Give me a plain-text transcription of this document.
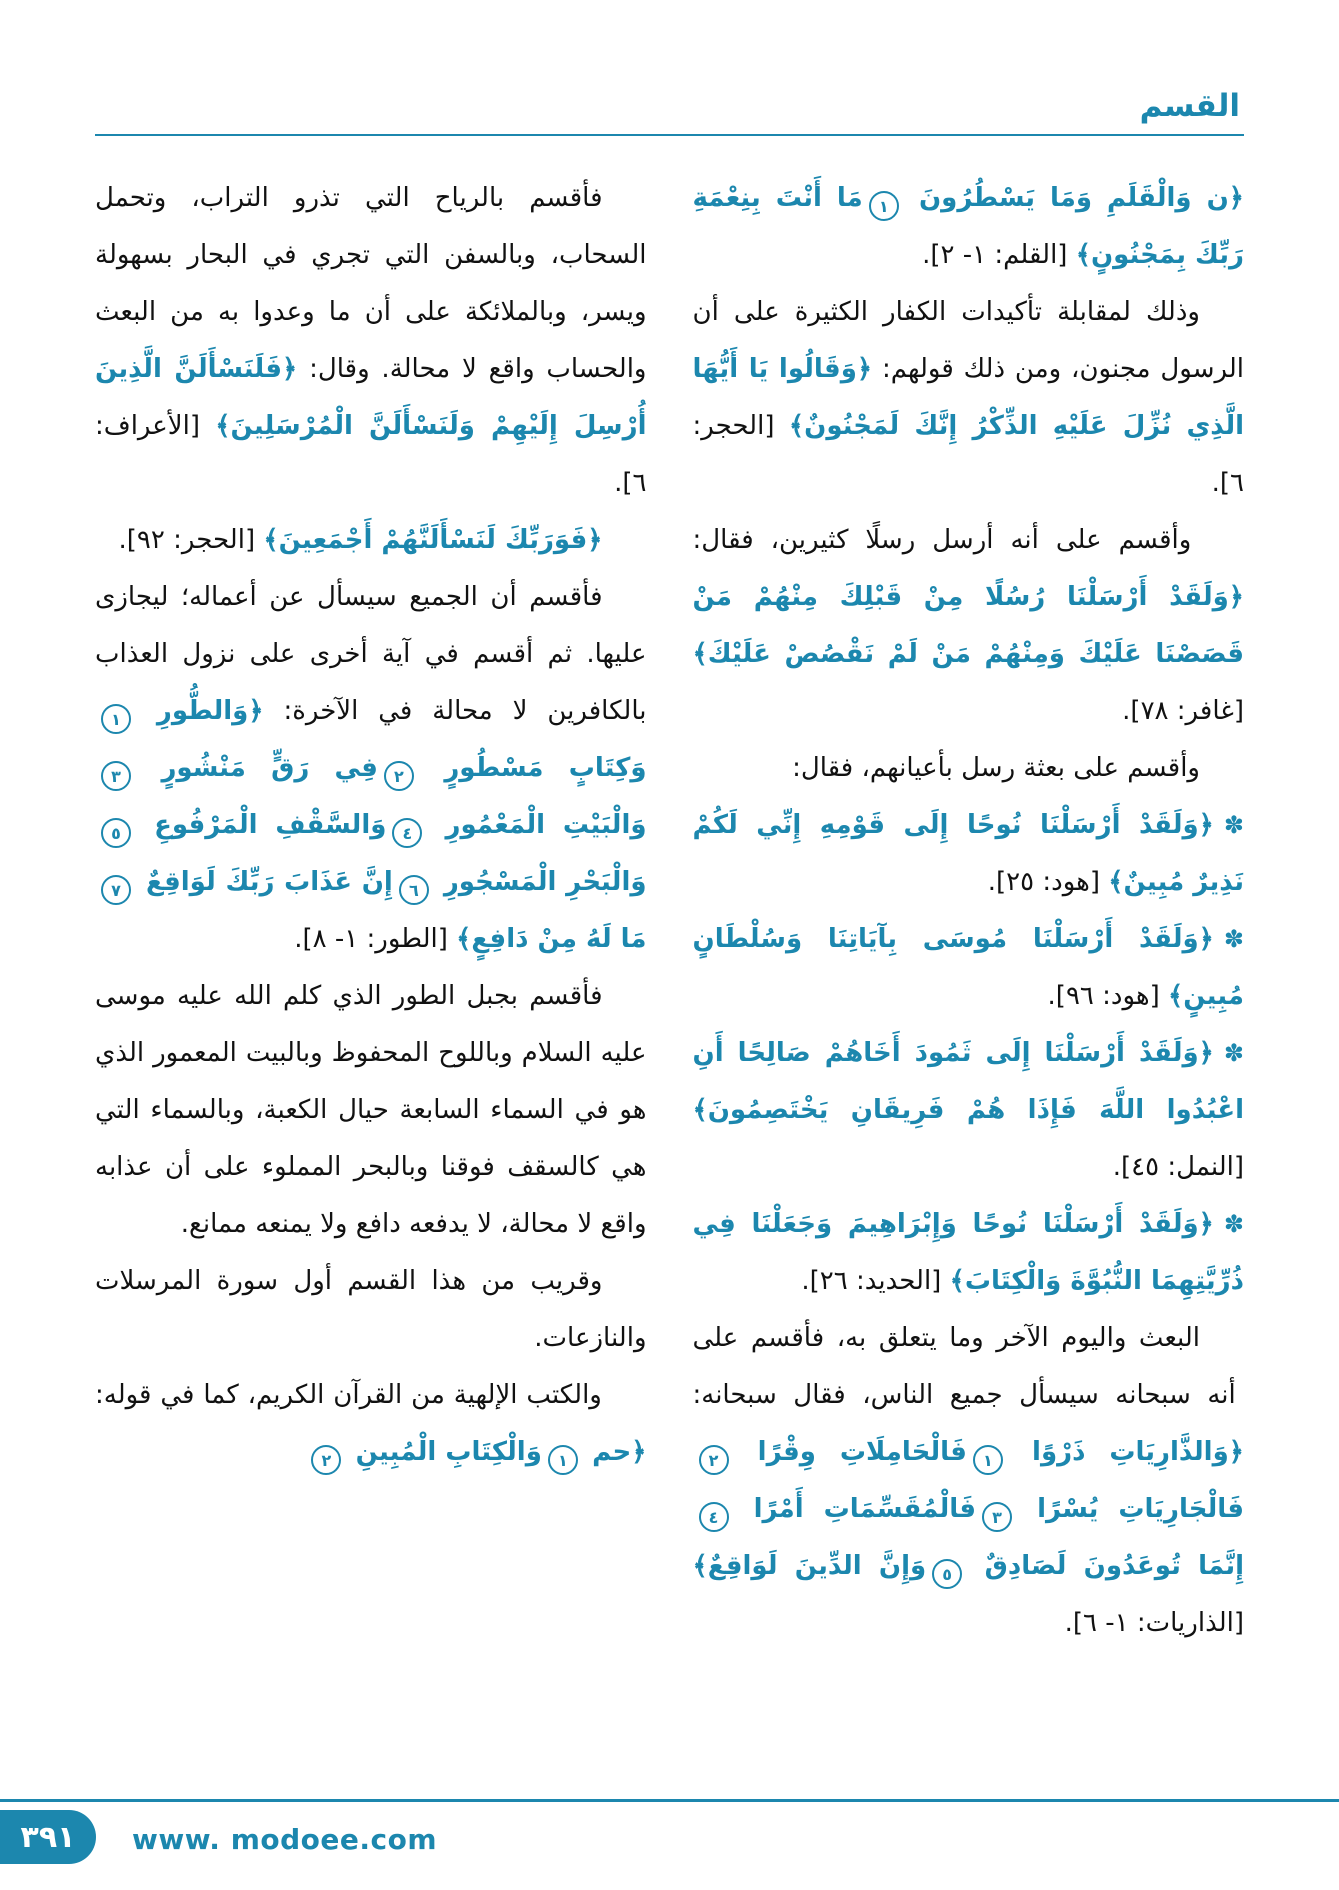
القسم

﴿ن وَالْقَلَمِ وَمَا يَسْطُرُونَ ١مَا أَنْتَ بِنِعْمَةِ رَبِّكَ بِمَجْنُونٍ﴾ [القلم: ١- ٢].

وذلك لمقابلة تأكيدات الكفار الكثيرة على أن الرسول مجنون، ومن ذلك قولهم: ﴿وَقَالُوا يَا أَيُّهَا الَّذِي نُزِّلَ عَلَيْهِ الذِّكْرُ إِنَّكَ لَمَجْنُونٌ﴾ [الحجر: ٦].

وأقسم على أنه أرسل رسلًا كثيرين، فقال: ﴿وَلَقَدْ أَرْسَلْنَا رُسُلًا مِنْ قَبْلِكَ مِنْهُمْ مَنْ قَصَصْنَا عَلَيْكَ وَمِنْهُمْ مَنْ لَمْ نَقْصُصْ عَلَيْكَ﴾ [غافر: ٧٨].

وأقسم على بعثة رسل بأعيانهم، فقال:

✽﴿وَلَقَدْ أَرْسَلْنَا نُوحًا إِلَى قَوْمِهِ إِنِّي لَكُمْ نَذِيرٌ مُبِينٌ﴾ [هود: ٢٥].

✽﴿وَلَقَدْ أَرْسَلْنَا مُوسَى بِآيَاتِنَا وَسُلْطَانٍ مُبِينٍ﴾ [هود: ٩٦].

✽﴿وَلَقَدْ أَرْسَلْنَا إِلَى ثَمُودَ أَخَاهُمْ صَالِحًا أَنِ اعْبُدُوا اللَّهَ فَإِذَا هُمْ فَرِيقَانِ يَخْتَصِمُونَ﴾ [النمل: ٤٥].

✽﴿وَلَقَدْ أَرْسَلْنَا نُوحًا وَإِبْرَاهِيمَ وَجَعَلْنَا فِي ذُرِّيَّتِهِمَا النُّبُوَّةَ وَالْكِتَابَ﴾ [الحديد: ٢٦].

البعث واليوم الآخر وما يتعلق به، فأقسم على أنه سبحانه سيسأل جميع الناس، فقال سبحانه: ﴿وَالذَّارِيَاتِ ذَرْوًا ١فَالْحَامِلَاتِ وِقْرًا ٢فَالْجَارِيَاتِ يُسْرًا ٣فَالْمُقَسِّمَاتِ أَمْرًا ٤إِنَّمَا تُوعَدُونَ لَصَادِقٌ ٥وَإِنَّ الدِّينَ لَوَاقِعٌ﴾ [الذاريات: ١- ٦].

فأقسم بالرياح التي تذرو التراب، وتحمل السحاب، وبالسفن التي تجري في البحار بسهولة ويسر، وبالملائكة على أن ما وعدوا به من البعث والحساب واقع لا محالة. وقال: ﴿فَلَنَسْأَلَنَّ الَّذِينَ أُرْسِلَ إِلَيْهِمْ وَلَنَسْأَلَنَّ الْمُرْسَلِينَ﴾ [الأعراف: ٦].

﴿فَوَرَبِّكَ لَنَسْأَلَنَّهُمْ أَجْمَعِينَ﴾ [الحجر: ٩٢].

فأقسم أن الجميع سيسأل عن أعماله؛ ليجازى عليها. ثم أقسم في آية أخرى على نزول العذاب بالكافرين لا محالة في الآخرة: ﴿وَالطُّورِ ١وَكِتَابٍ مَسْطُورٍ ٢فِي رَقٍّ مَنْشُورٍ ٣وَالْبَيْتِ الْمَعْمُورِ ٤وَالسَّقْفِ الْمَرْفُوعِ ٥وَالْبَحْرِ الْمَسْجُورِ ٦إِنَّ عَذَابَ رَبِّكَ لَوَاقِعٌ ٧مَا لَهُ مِنْ دَافِعٍ﴾ [الطور: ١- ٨].

فأقسم بجبل الطور الذي كلم الله عليه موسى عليه السلام وباللوح المحفوظ وبالبيت المعمور الذي هو في السماء السابعة حيال الكعبة، وبالسماء التي هي كالسقف فوقنا وبالبحر المملوء على أن عذابه واقع لا محالة، لا يدفعه دافع ولا يمنعه ممانع.

وقريب من هذا القسم أول سورة المرسلات والنازعات.

والكتب الإلهية من القرآن الكريم، كما في قوله: ﴿حم ١وَالْكِتَابِ الْمُبِينِ ٢

٣٩١ www. modoee.com
